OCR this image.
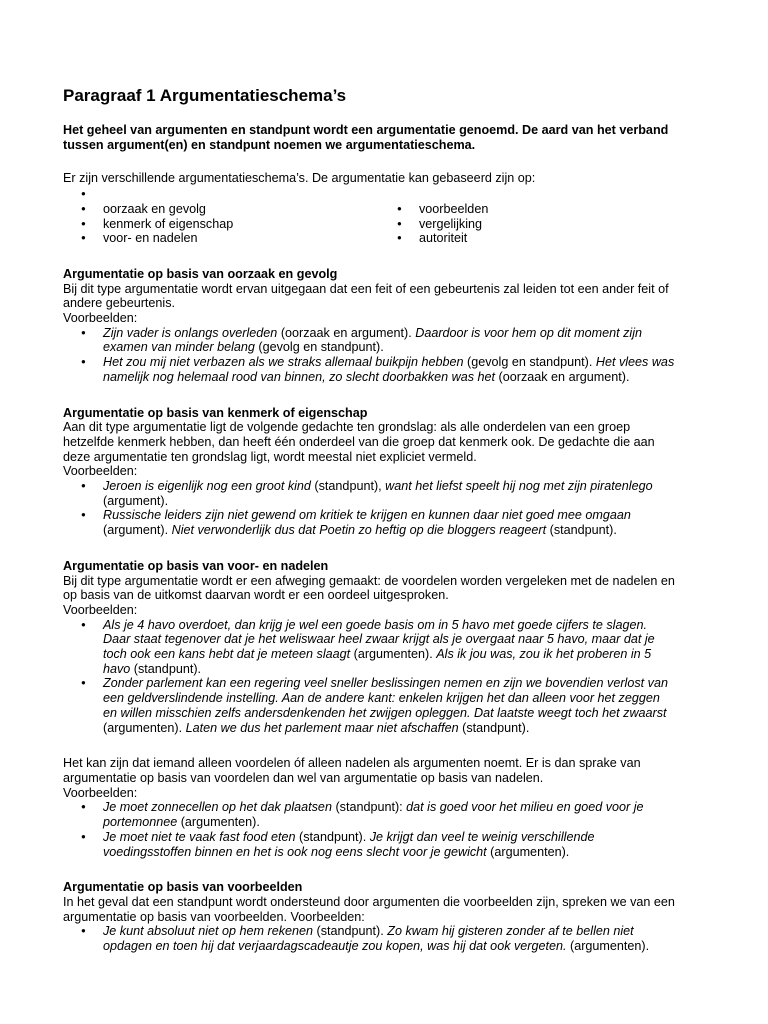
Paragraaf 1 Argumentatieschema’s

Het geheel van argumenten en standpunt wordt een argumentatie genoemd. De aard van het verband tussen argument(en) en standpunt noemen we argumentatieschema.

Er zijn verschillende argumentatieschema’s. De argumentatie kan gebaseerd zijn op:

●
● oorzaak en gevolg
● kenmerk of eigenschap
● voor- en nadelen
● voorbeelden
● vergelijking
● autoriteit
Argumentatie op basis van oorzaak en gevolg

Bij dit type argumentatie wordt ervan uitgegaan dat een feit of een gebeurtenis zal leiden tot een ander feit of andere gebeurtenis.

Voorbeelden:

● Zijn vader is onlangs overleden (oorzaak en argument). Daardoor is voor hem op dit moment zijn examen van minder belang (gevolg en standpunt).
● Het zou mij niet verbazen als we straks allemaal buikpijn hebben (gevolg en standpunt). Het vlees was namelijk nog helemaal rood van binnen, zo slecht doorbakken was het (oorzaak en argument).
Argumentatie op basis van kenmerk of eigenschap

Aan dit type argumentatie ligt de volgende gedachte ten grondslag: als alle onderdelen van een groep hetzelfde kenmerk hebben, dan heeft één onderdeel van die groep dat kenmerk ook. De gedachte die aan deze argumentatie ten grondslag ligt, wordt meestal niet expliciet vermeld.

Voorbeelden:

● Jeroen is eigenlijk nog een groot kind (standpunt), want het liefst speelt hij nog met zijn piratenlego (argument).
● Russische leiders zijn niet gewend om kritiek te krijgen en kunnen daar niet goed mee omgaan (argument). Niet verwonderlijk dus dat Poetin zo heftig op die bloggers reageert (standpunt).
Argumentatie op basis van voor- en nadelen

Bij dit type argumentatie wordt er een afweging gemaakt: de voordelen worden vergeleken met de nadelen en op basis van de uitkomst daarvan wordt er een oordeel uitgesproken.

Voorbeelden:

● Als je 4 havo overdoet, dan krijg je wel een goede basis om in 5 havo met goede cijfers te slagen. Daar staat tegenover dat je het weliswaar heel zwaar krijgt als je overgaat naar 5 havo, maar dat je toch ook een kans hebt dat je meteen slaagt (argumenten). Als ik jou was, zou ik het proberen in 5 havo (standpunt).
● Zonder parlement kan een regering veel sneller beslissingen nemen en zijn we bovendien verlost van een geldverslindende instelling. Aan de andere kant: enkelen krijgen het dan alleen voor het zeggen en willen misschien zelfs andersdenkenden het zwijgen opleggen. Dat laatste weegt toch het zwaarst (argumenten). Laten we dus het parlement maar niet afschaffen (standpunt).

Het kan zijn dat iemand alleen voordelen óf alleen nadelen als argumenten noemt. Er is dan sprake van argumentatie op basis van voordelen dan wel van argumentatie op basis van nadelen.

Voorbeelden:

● Je moet zonnecellen op het dak plaatsen (standpunt): dat is goed voor het milieu en goed voor je portemonnee (argumenten).
● Je moet niet te vaak fast food eten (standpunt). Je krijgt dan veel te weinig verschillende voedingsstoffen binnen en het is ook nog eens slecht voor je gewicht (argumenten).
Argumentatie op basis van voorbeelden

In het geval dat een standpunt wordt ondersteund door argumenten die voorbeelden zijn, spreken we van een argumentatie op basis van voorbeelden. Voorbeelden:

● Je kunt absoluut niet op hem rekenen (standpunt). Zo kwam hij gisteren zonder af te bellen niet opdagen en toen hij dat verjaardagscadeautje zou kopen, was hij dat ook vergeten. (argumenten).
